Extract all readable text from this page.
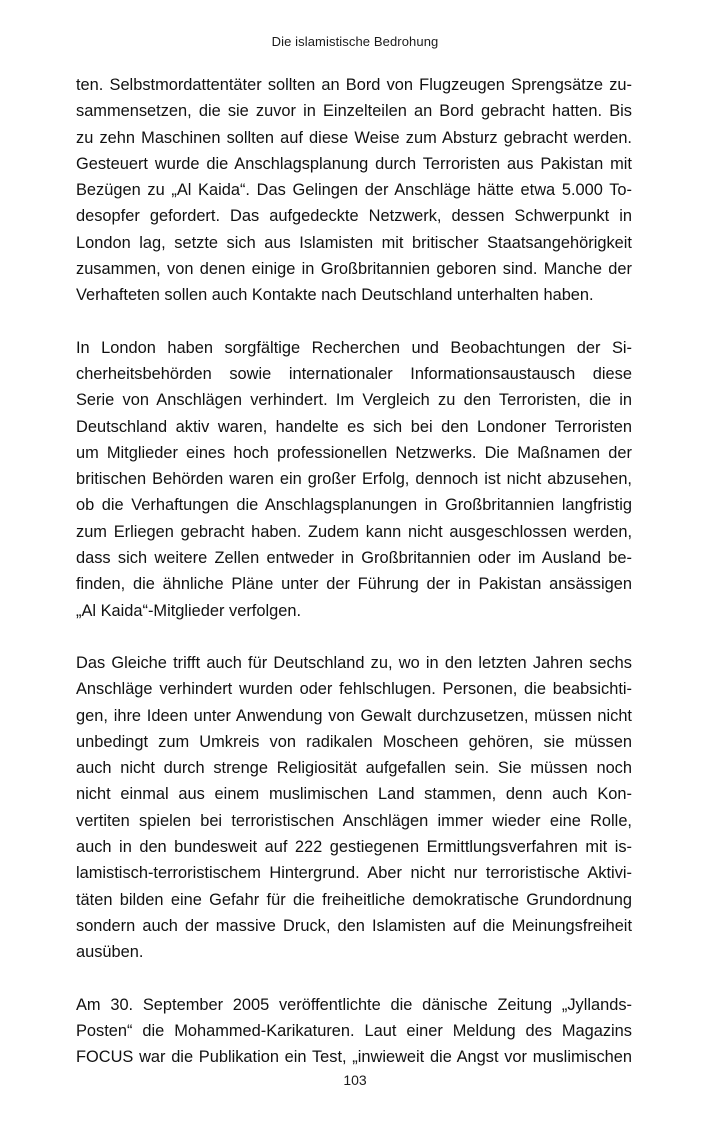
Die islamistische Bedrohung

ten. Selbstmordattentäter sollten an Bord von Flugzeugen Sprengsätze zu-
sammensetzen, die sie zuvor in Einzelteilen an Bord gebracht hatten. Bis
zu zehn Maschinen sollten auf diese Weise zum Absturz gebracht werden.
Gesteuert wurde die Anschlagsplanung durch Terroristen aus Pakistan mit
Bezügen zu „Al Kaida“. Das Gelingen der Anschläge hätte etwa 5.000 To-
desopfer gefordert. Das aufgedeckte Netzwerk, dessen Schwerpunkt in
London lag, setzte sich aus Islamisten mit britischer Staatsangehörigkeit
zusammen, von denen einige in Großbritannien geboren sind. Manche der
Verhafteten sollen auch Kontakte nach Deutschland unterhalten haben.

In London haben sorgfältige Recherchen und Beobachtungen der Si-
cherheitsbehörden sowie internationaler Informationsaustausch diese
Serie von Anschlägen verhindert. Im Vergleich zu den Terroristen, die in
Deutschland aktiv waren, handelte es sich bei den Londoner Terroristen
um Mitglieder eines hoch professionellen Netzwerks. Die Maßnamen der
britischen Behörden waren ein großer Erfolg, dennoch ist nicht abzusehen,
ob die Verhaftungen die Anschlagsplanungen in Großbritannien langfristig
zum Erliegen gebracht haben. Zudem kann nicht ausgeschlossen werden,
dass sich weitere Zellen entweder in Großbritannien oder im Ausland be-
finden, die ähnliche Pläne unter der Führung der in Pakistan ansässigen
„Al Kaida“-Mitglieder verfolgen.

Das Gleiche trifft auch für Deutschland zu, wo in den letzten Jahren sechs
Anschläge verhindert wurden oder fehlschlugen. Personen, die beabsichti-
gen, ihre Ideen unter Anwendung von Gewalt durchzusetzen, müssen nicht
unbedingt zum Umkreis von radikalen Moscheen gehören, sie müssen
auch nicht durch strenge Religiosität aufgefallen sein. Sie müssen noch
nicht einmal aus einem muslimischen Land stammen, denn auch Kon-
vertiten spielen bei terroristischen Anschlägen immer wieder eine Rolle,
auch in den bundesweit auf 222 gestiegenen Ermittlungsverfahren mit is-
lamistisch-terroristischem Hintergrund. Aber nicht nur terroristische Aktivi-
täten bilden eine Gefahr für die freiheitliche demokratische Grundordnung
sondern auch der massive Druck, den Islamisten auf die Meinungsfreiheit
ausüben.

Am 30. September 2005 veröffentlichte die dänische Zeitung „Jyllands-
Posten“ die Mohammed-Karikaturen. Laut einer Meldung des Magazins
FOCUS war die Publikation ein Test, „inwieweit die Angst vor muslimischen

103
